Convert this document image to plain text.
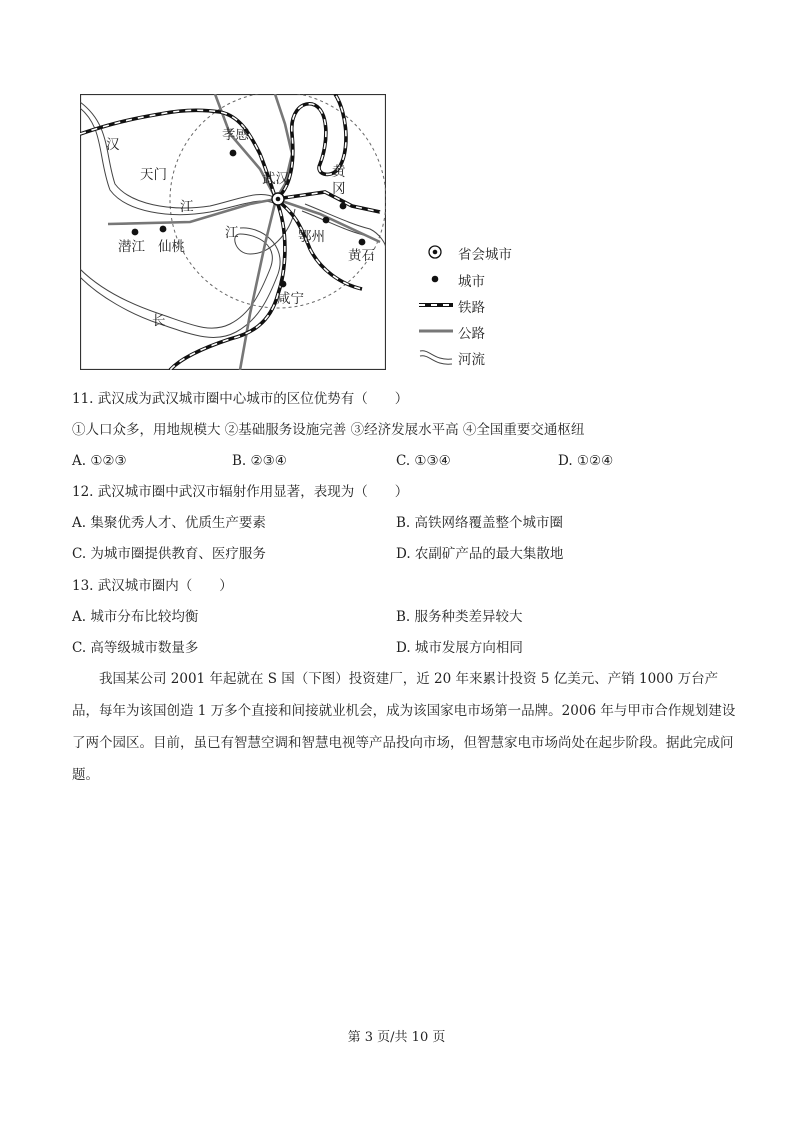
汉
天门
江
潜江 仙桃
江
长
孝感
武汉	黄冈
鄂州
黄石
咸宁
省会城市
城市
铁路
公路
河流
11. 武汉成为武汉城市圈中心城市的区位优势有（　　）
①人口众多，用地规模大 ②基础服务设施完善 ③经济发展水平高 ④全国重要交通枢纽
A. ①②③	B. ②③④	C. ①③④	D. ①②④
12. 武汉城市圈中武汉市辐射作用显著，表现为（　　）
A. 集聚优秀人才、优质生产要素	B. 高铁网络覆盖整个城市圈
C. 为城市圈提供教育、医疗服务	D. 农副矿产品的最大集散地
13. 武汉城市圈内（　　）
A. 城市分布比较均衡	B. 服务种类差异较大
C. 高等级城市数量多	D. 城市发展方向相同
我国某公司 2001 年起就在 S 国（下图）投资建厂，近 20 年来累计投资 5 亿美元、产销 1000 万台产品，每年为该国创造 1 万多个直接和间接就业机会，成为该国家电市场第一品牌。2006 年与甲市合作规划建设了两个园区。目前，虽已有智慧空调和智慧电视等产品投向市场，但智慧家电市场尚处在起步阶段。据此完成问题。
第 3 页/共 10 页
